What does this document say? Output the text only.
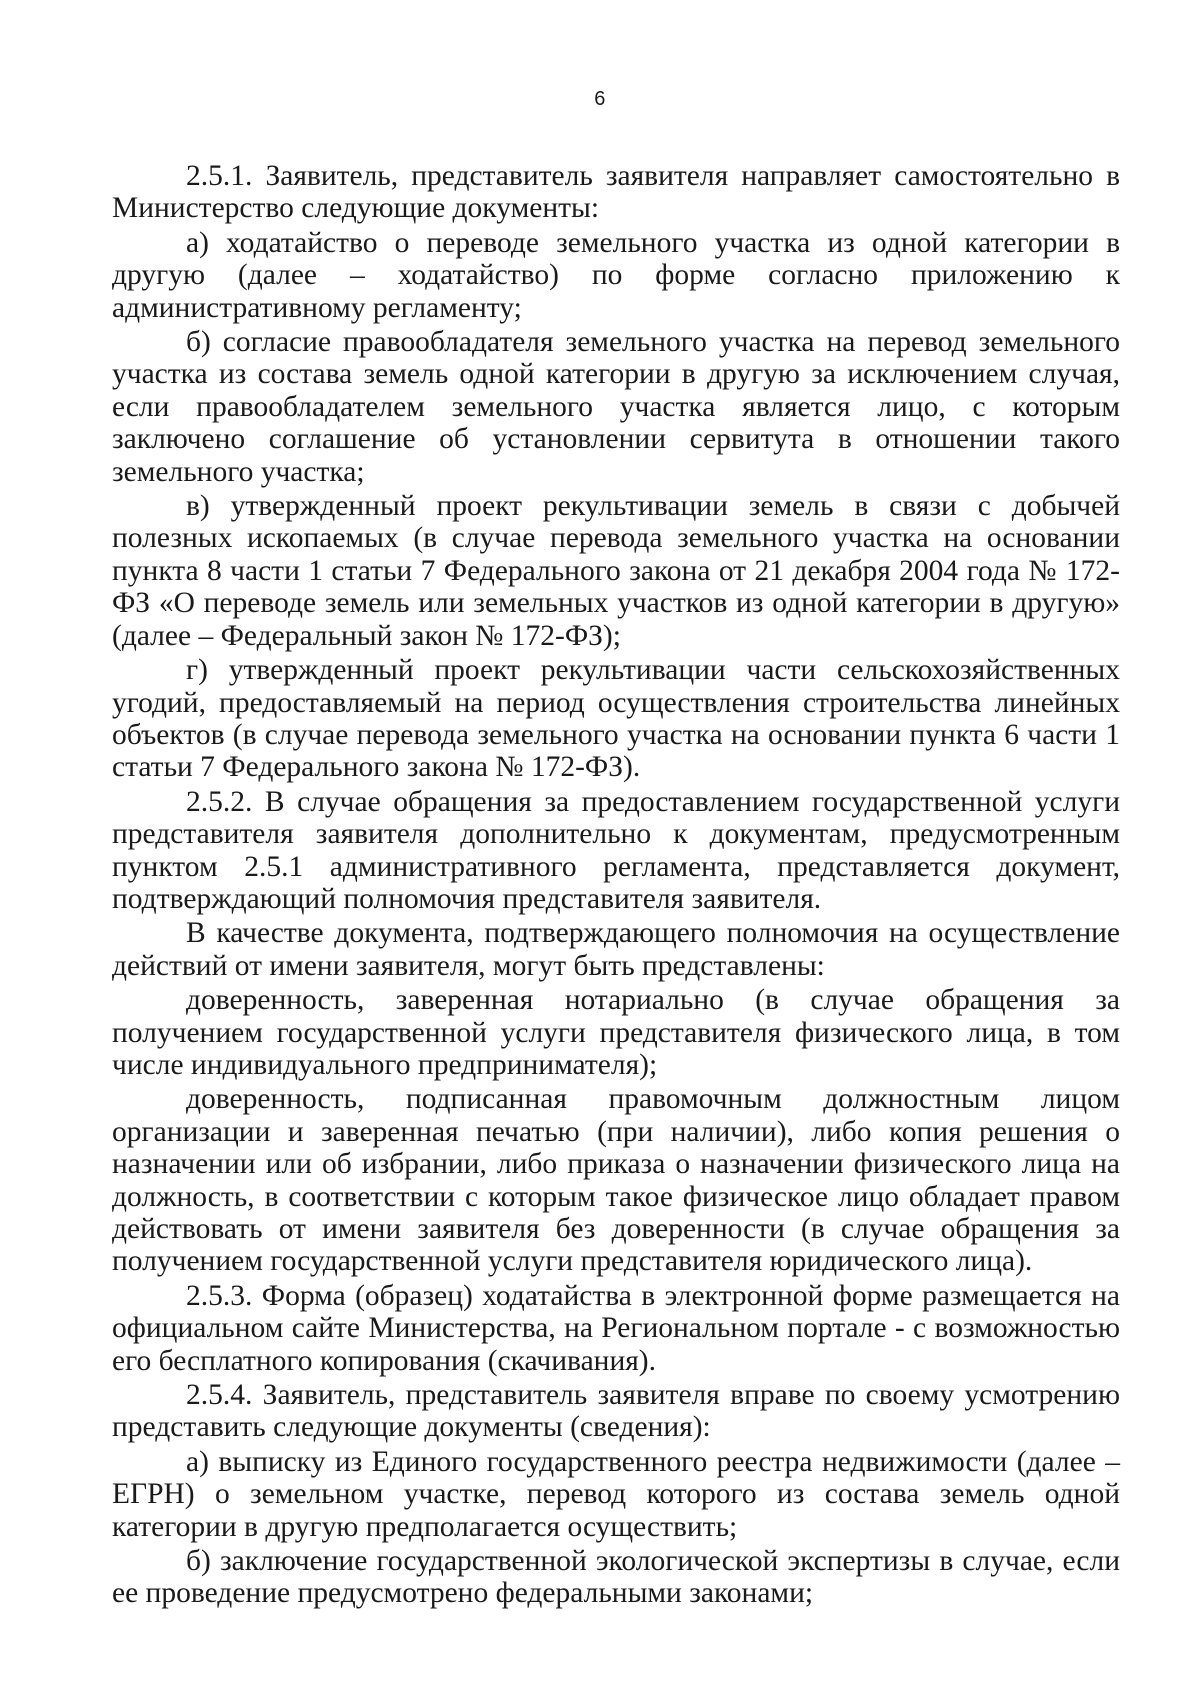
6

2.5.1. Заявитель, представитель заявителя направляет самостоятельно в Министерство следующие документы:

а) ходатайство о переводе земельного участка из одной категории в другую (далее – ходатайство) по форме согласно приложению к административному регламенту;

б) согласие правообладателя земельного участка на перевод земельного участка из состава земель одной категории в другую за исключением случая, если правообладателем земельного участка является лицо, с которым заключено соглашение об установлении сервитута в отношении такого земельного участка;

в) утвержденный проект рекультивации земель в связи с добычей полезных ископаемых (в случае перевода земельного участка на основании пункта 8 части 1 статьи 7 Федерального закона от 21 декабря 2004 года № 172-ФЗ «О переводе земель или земельных участков из одной категории в другую» (далее – Федеральный закон № 172-ФЗ);

г) утвержденный проект рекультивации части сельскохозяйственных угодий, предоставляемый на период осуществления строительства линейных объектов (в случае перевода земельного участка на основании пункта 6 части 1 статьи 7 Федерального закона № 172-ФЗ).

2.5.2. В случае обращения за предоставлением государственной услуги представителя заявителя дополнительно к документам, предусмотренным пунктом 2.5.1 административного регламента, представляется документ, подтверждающий полномочия представителя заявителя.

В качестве документа, подтверждающего полномочия на осуществление действий от имени заявителя, могут быть представлены:

доверенность, заверенная нотариально (в случае обращения за получением государственной услуги представителя физического лица, в том числе индивидуального предпринимателя);

доверенность, подписанная правомочным должностным лицом организации и заверенная печатью (при наличии), либо копия решения о назначении или об избрании, либо приказа о назначении физического лица на должность, в соответствии с которым такое физическое лицо обладает правом действовать от имени заявителя без доверенности (в случае обращения за получением государственной услуги представителя юридического лица).

2.5.3. Форма (образец) ходатайства в электронной форме размещается на официальном сайте Министерства, на Региональном портале - с возможностью его бесплатного копирования (скачивания).

2.5.4. Заявитель, представитель заявителя вправе по своему усмотрению представить следующие документы (сведения):

а) выписку из Единого государственного реестра недвижимости (далее – ЕГРН) о земельном участке, перевод которого из состава земель одной категории в другую предполагается осуществить;

б) заключение государственной экологической экспертизы в случае, если ее проведение предусмотрено федеральными законами;
